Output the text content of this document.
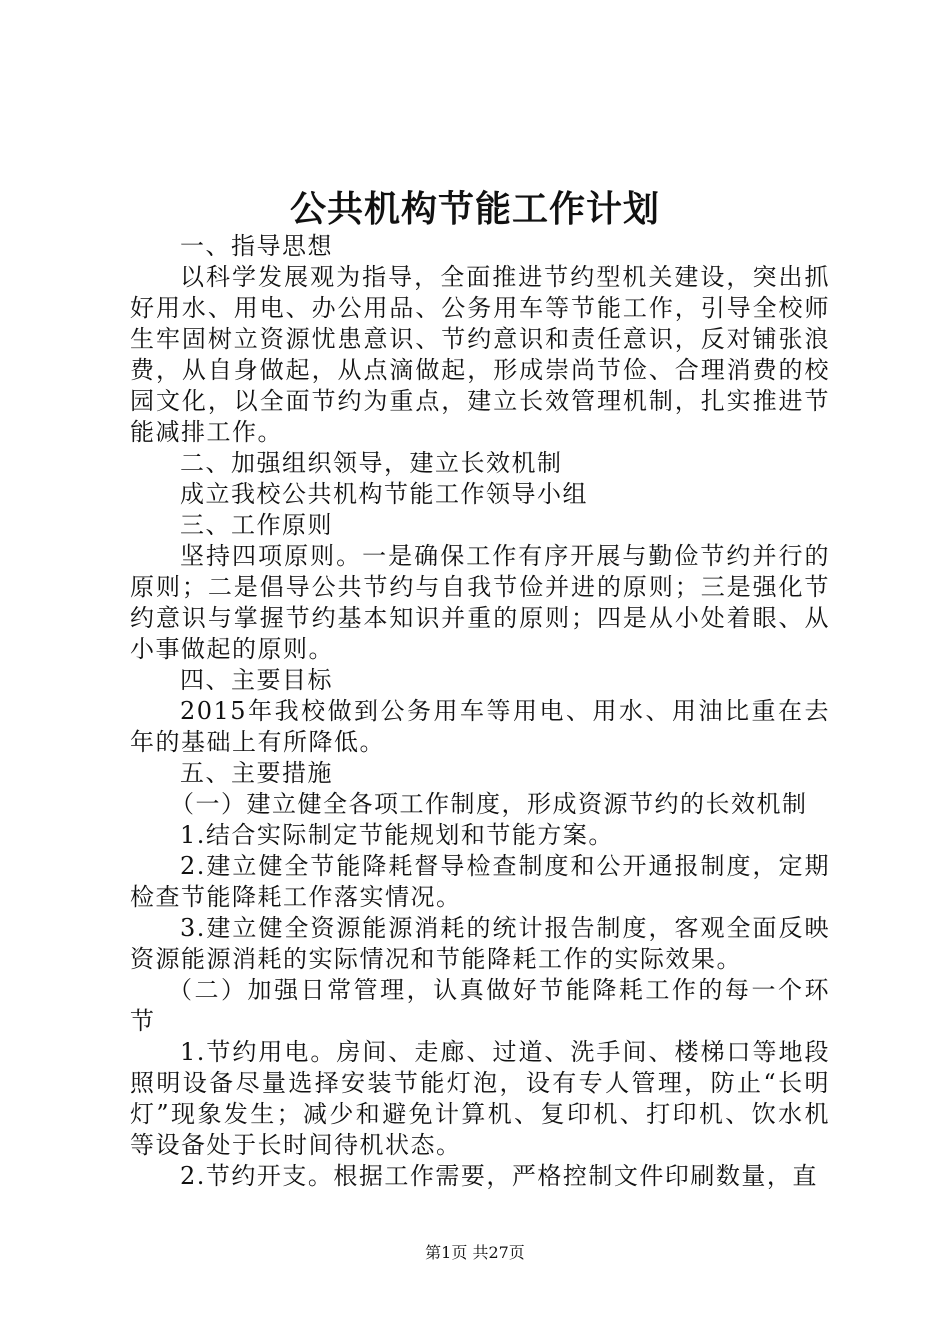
公共机构节能工作计划

一、指导思想

以科学发展观为指导，全面推进节约型机关建设，突出抓好用水、用电、办公用品、公务用车等节能工作，引导全校师生牢固树立资源忧患意识、节约意识和责任意识，反对铺张浪费，从自身做起，从点滴做起，形成崇尚节俭、合理消费的校园文化，以全面节约为重点，建立长效管理机制，扎实推进节能减排工作。

二、加强组织领导，建立长效机制

成立我校公共机构节能工作领导小组

三、工作原则

坚持四项原则。一是确保工作有序开展与勤俭节约并行的原则；二是倡导公共节约与自我节俭并进的原则；三是强化节约意识与掌握节约基本知识并重的原则；四是从小处着眼、从小事做起的原则。

四、主要目标

2015年我校做到公务用车等用电、用水、用油比重在去年的基础上有所降低。

五、主要措施

（一）建立健全各项工作制度，形成资源节约的长效机制

1.结合实际制定节能规划和节能方案。

2.建立健全节能降耗督导检查制度和公开通报制度，定期检查节能降耗工作落实情况。

3.建立健全资源能源消耗的统计报告制度，客观全面反映资源能源消耗的实际情况和节能降耗工作的实际效果。

（二）加强日常管理，认真做好节能降耗工作的每一个环节

1.节约用电。房间、走廊、过道、洗手间、楼梯口等地段照明设备尽量选择安装节能灯泡，设有专人管理，防止“长明灯”现象发生；减少和避免计算机、复印机、打印机、饮水机等设备处于长时间待机状态。

2.节约开支。根据工作需要，严格控制文件印刷数量，直

第1页 共27页
